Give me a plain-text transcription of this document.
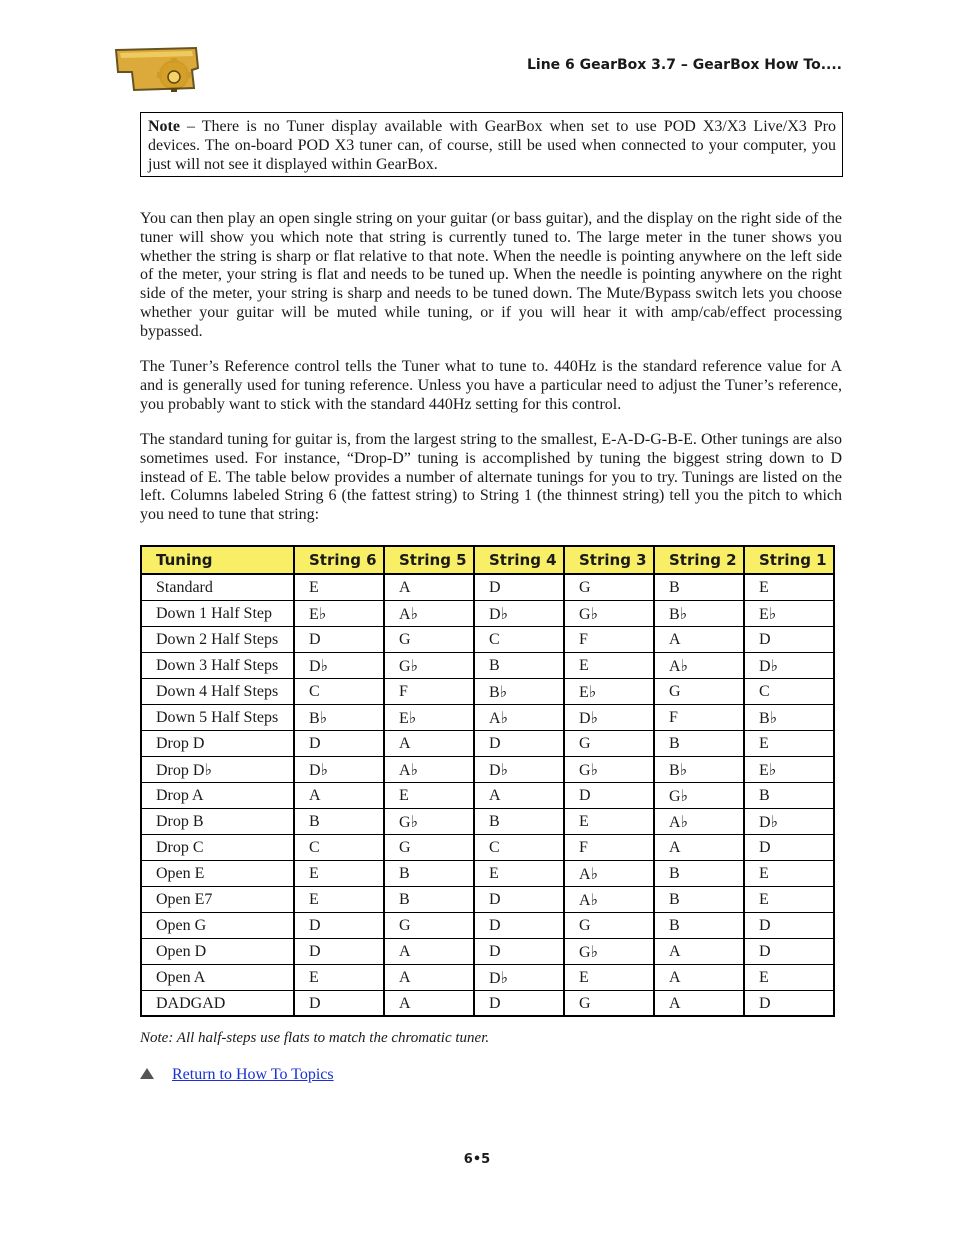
Line 6 GearBox 3.7 – GearBox How To....
Note – There is no Tuner display available with GearBox when set to use POD X3/X3 Live/X3 Pro devices. The on-board POD X3 tuner can, of course, still be used when connected to your computer, you just will not see it displayed within GearBox.

You can then play an open single string on your guitar (or bass guitar), and the display on the right side of the tuner will show you which note that string is currently tuned to. The large meter in the tuner shows you whether the string is sharp or flat relative to that note. When the needle is pointing anywhere on the left side of the meter, your string is flat and needs to be tuned up. When the needle is pointing anywhere on the right side of the meter, your string is sharp and needs to be tuned down. The Mute/Bypass switch lets you choose whether your guitar will be muted while tuning, or if you will hear it with amp/cab/effect processing bypassed.

The Tuner’s Reference control tells the Tuner what to tune to. 440Hz is the standard reference value for A and is generally used for tuning reference. Unless you have a particular need to adjust the Tuner’s reference, you probably want to stick with the standard 440Hz setting for this control.

The standard tuning for guitar is, from the largest string to the smallest, E-A-D-G-B-E. Other tunings are also sometimes used. For instance, “Drop-D” tuning is accomplished by tuning the biggest string down to D instead of E. The table below provides a number of alternate tunings for you to try. Tunings are listed on the left. Columns labeled String 6 (the fattest string) to String 1 (the thinnest string) tell you the pitch to which you need to tune that string:

Tuning	String 6	String 5	String 4	String 3	String 2	String 1
Standard	E	A	D	G	B	E
Down 1 Half Step	E♭	A♭	D♭	G♭	B♭	E♭
Down 2 Half Steps	D	G	C	F	A	D
Down 3 Half Steps	D♭	G♭	B	E	A♭	D♭
Down 4 Half Steps	C	F	B♭	E♭	G	C
Down 5 Half Steps	B♭	E♭	A♭	D♭	F	B♭
Drop D	D	A	D	G	B	E
Drop D♭	D♭	A♭	D♭	G♭	B♭	E♭
Drop A	A	E	A	D	G♭	B
Drop B	B	G♭	B	E	A♭	D♭
Drop C	C	G	C	F	A	D
Open E	E	B	E	A♭	B	E
Open E7	E	B	D	A♭	B	E
Open G	D	G	D	G	B	D
Open D	D	A	D	G♭	A	D
Open A	E	A	D♭	E	A	E
DADGAD	D	A	D	G	A	D
Note: All half-steps use flats to match the chromatic tuner.
Return to How To Topics
6•5
